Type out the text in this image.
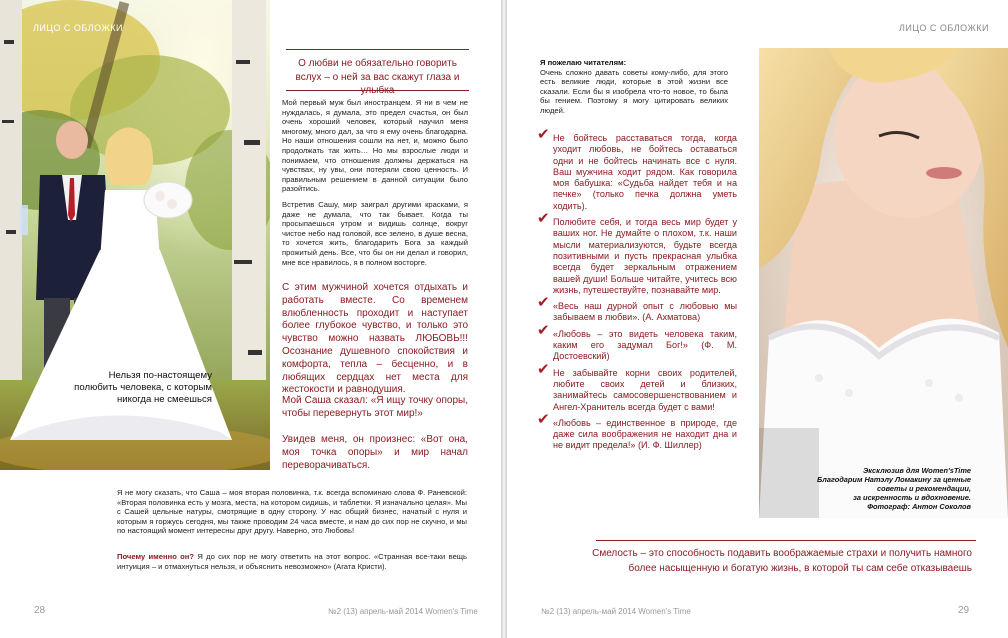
ЛИЦО С ОБЛОЖКИ
Нельзя по-настоящему полюбить человека, с которым никогда не смеешься
О любви не обязательно говорить вслух – о ней за вас скажут глаза и

Мой первый муж был иностранцем. Я ни в чем не нуждалась, я думала, это предел счастья, он был очень хороший человек, который научил меня многому, много дал, за что я ему очень благодарна. Но наши отношения сошли на нет, и, можно было продолжать так жить… Но мы взрослые люди и понимаем, что отношения должны держаться на чувствах, ну увы, они потеряли свою ценность. И правильным решением в данной ситуации было разойтись.

Встретив Сашу, мир заиграл другими красками, я даже не думала, что так бывает. Когда ты просыпаешься утром и видишь солнце, вокруг чистое небо над головой, все зелено, в душе весна, то хочется жить, благодарить Бога за каждый прожитый день. Все, что бы он ни делал и говорил, мне все нравилось, я в полном восторге.

С этим мужчиной хочется отдыхать и работать вместе. Со временем влюбленность проходит и наступает более глубокое чувство, и только это чувство можно назвать ЛЮБОВЬ!!! Осознание душевного спокойствия и комфорта, тепла – бесценно, и в любящих сердцах нет места для жестокости и равнодушия.
Мой Саша сказал: «Я ищу точку опоры, чтобы перевернуть этот мир!»
Увидев меня, он произнес: «Вот она, моя точка опоры» и мир начал переворачиваться.
Я не могу сказать, что Саша – моя вторая половинка, т.к. всегда вспоминаю слова Ф. Раневской: «Вторая половинка есть у мозга, места, на котором сидишь, и таблетки. Я изначально целая». Мы с Сашей цельные натуры, смотрящие в одну сторону. У нас общий бизнес, начатый с нуля и которым я горжусь сегодня, мы также проводим 24 часа вместе, и нам до сих пор не скучно, и мы по настоящий момент интересны друг другу. Наверно, это Любовь!
Почему именно он? Я до сих пор не могу ответить на этот вопрос. «Странная все-таки вещь интуиция – и отмахнуться нельзя, и объяснить невозможно» (Агата Кристи).
28	№2 (13) апрель-май 2014 Women's Time
ЛИЦО С ОБЛОЖКИ
Я пожелаю читателям:
Очень сложно давать советы кому-либо, для этого есть великие люди, которые в этой жизни все сказали. Если бы я изобрела что-то новое, то была бы гением. Поэтому я могу цитировать великих людей.
✔ Не бойтесь расставаться тогда, когда уходит любовь, не бойтесь оставаться одни и не бойтесь начинать все с нуля. Ваш мужчина ходит рядом. Как говорила моя бабушка: «Судьба найдет тебя и на печке» (только печка должна уметь ходить).
✔ Полюбите себя, и тогда весь мир будет у ваших ног. Не думайте о плохом, т.к. наши мысли материализуются, будьте всегда позитивными и пусть прекрасная улыбка всегда будет зеркальным отражением вашей души! Больше читайте, учитесь всю жизнь, путешествуйте, познавайте мир.
✔ «Весь наш дурной опыт с любовью мы забываем в любви». (А. Ахматова)
✔ «Любовь – это видеть человека таким, каким его задумал Бог!» (Ф. М. Достоевский)
✔ Не забывайте корни своих родителей, любите своих детей и близких, занимайтесь самосовершенствованием и Ангел-Хранитель всегда будет с вами!
✔ «Любовь – единственное в природе, где даже сила воображения не находит дна и не видит предела!» (И. Ф. Шиллер)
Эксклюзив для Women'sTime
Благодарим Натэлу Ломакину за ценные
советы и рекомендации,
за искренность и вдохновение.
Фотограф: Антон Соколов
Смелость – это способность подавить воображаемые страхи и получить намного более насыщенную и богатую жизнь, в которой ты сам себе отказываешь
№2 (13) апрель-май 2014 Women's Time	29
